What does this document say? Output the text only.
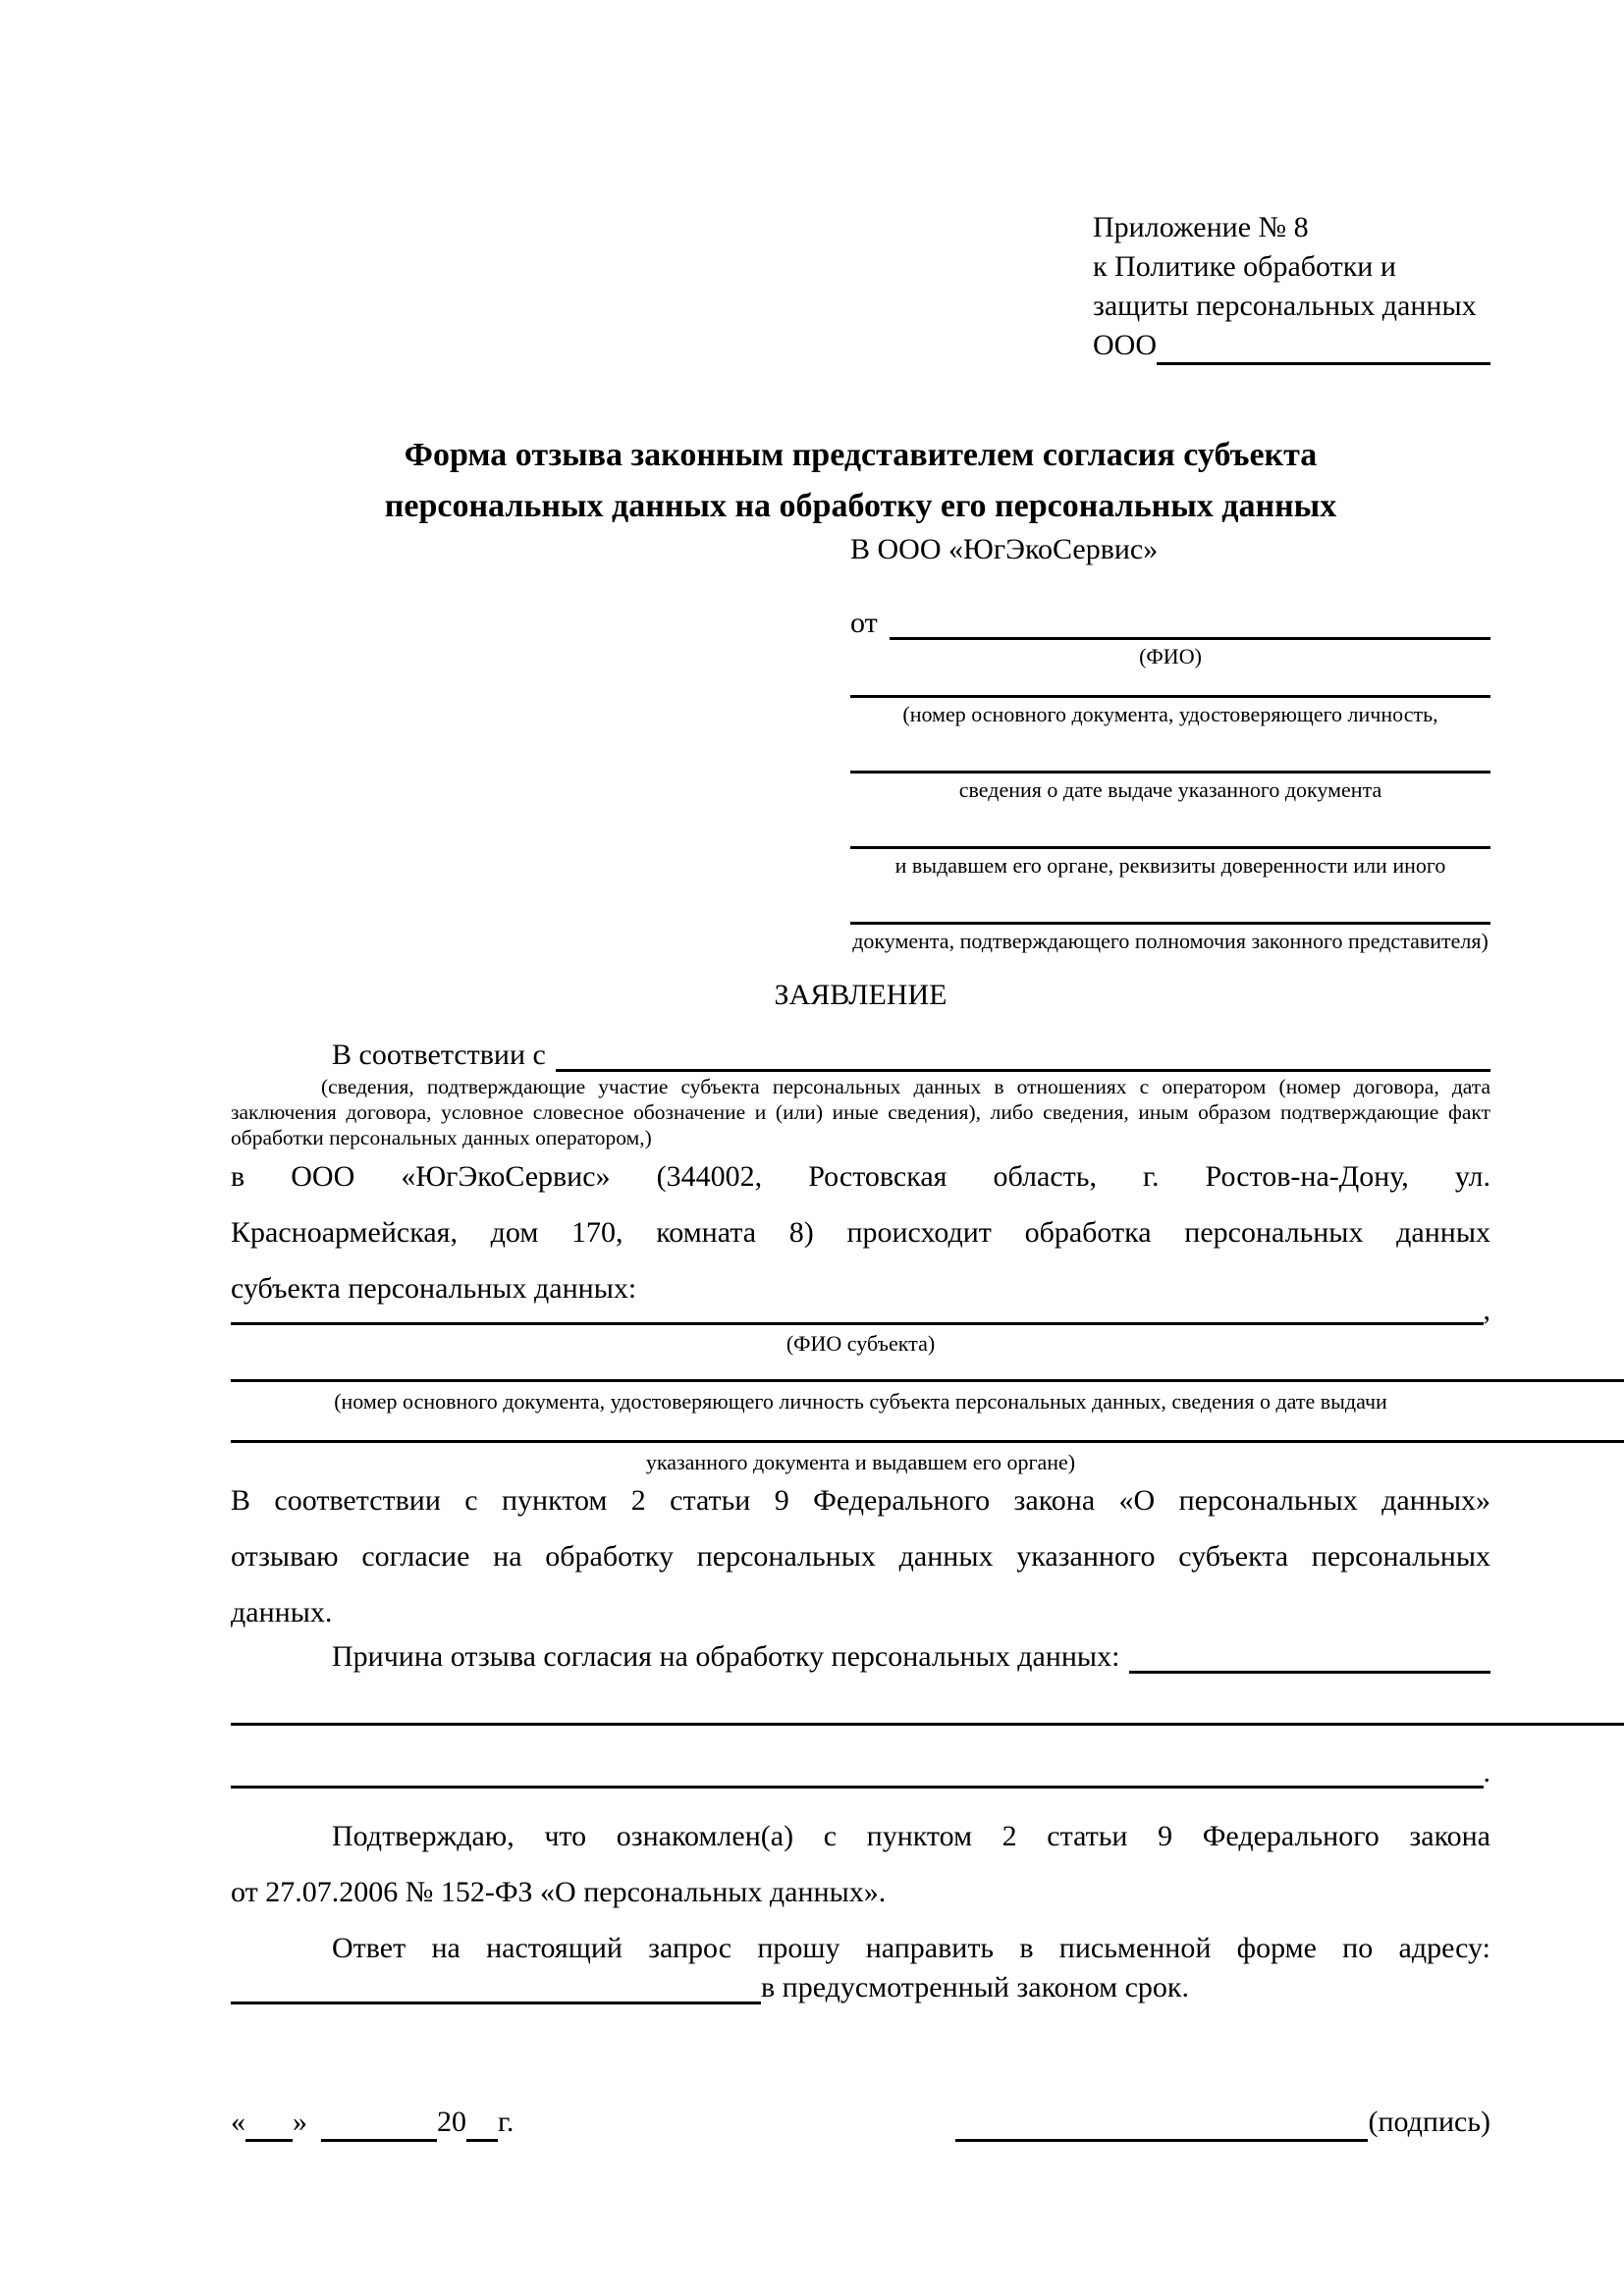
Приложение № 8
к Политике обработки и
защиты персональных данных
ООО
Форма отзыва законным представителем согласия субъекта
персональных данных на обработку его персональных данных
В ООО «ЮгЭкоСервис»
от
(ФИО)
(номер основного документа, удостоверяющего личность,
сведения о дате выдаче указанного документа
и выдавшем его органе, реквизиты доверенности или иного
документа, подтверждающего полномочия законного представителя)
ЗАЯВЛЕНИЕ
В соответствии с
(сведения, подтверждающие участие субъекта персональных данных в отношениях с оператором (номер договора, дата
заключения договора, условное словесное обозначение и (или) иные сведения), либо сведения, иным образом подтверждающие факт
обработки персональных данных оператором,)
в ООО «ЮгЭкоСервис» (344002, Ростовская область, г. Ростов-на-Дону, ул.
Красноармейская, дом 170, комната 8) происходит обработка персональных данных
субъекта персональных данных:
,
(ФИО субъекта)
(номер основного документа, удостоверяющего личность субъекта персональных данных, сведения о дате выдачи
указанного документа и выдавшем его органе)
В соответствии с пунктом 2 статьи 9 Федерального закона «О персональных данных»
отзываю согласие на обработку персональных данных указанного субъекта персональных
данных.
Причина отзыва согласия на обработку персональных данных:
.
Подтверждаю, что ознакомлен(а) с пунктом 2 статьи 9 Федерального закона
от 27.07.2006 № 152-ФЗ «О персональных данных».
Ответ на настоящий запрос прошу направить в письменной форме по адресу:
в предусмотренный законом срок.
« »	20 г.	(подпись)
